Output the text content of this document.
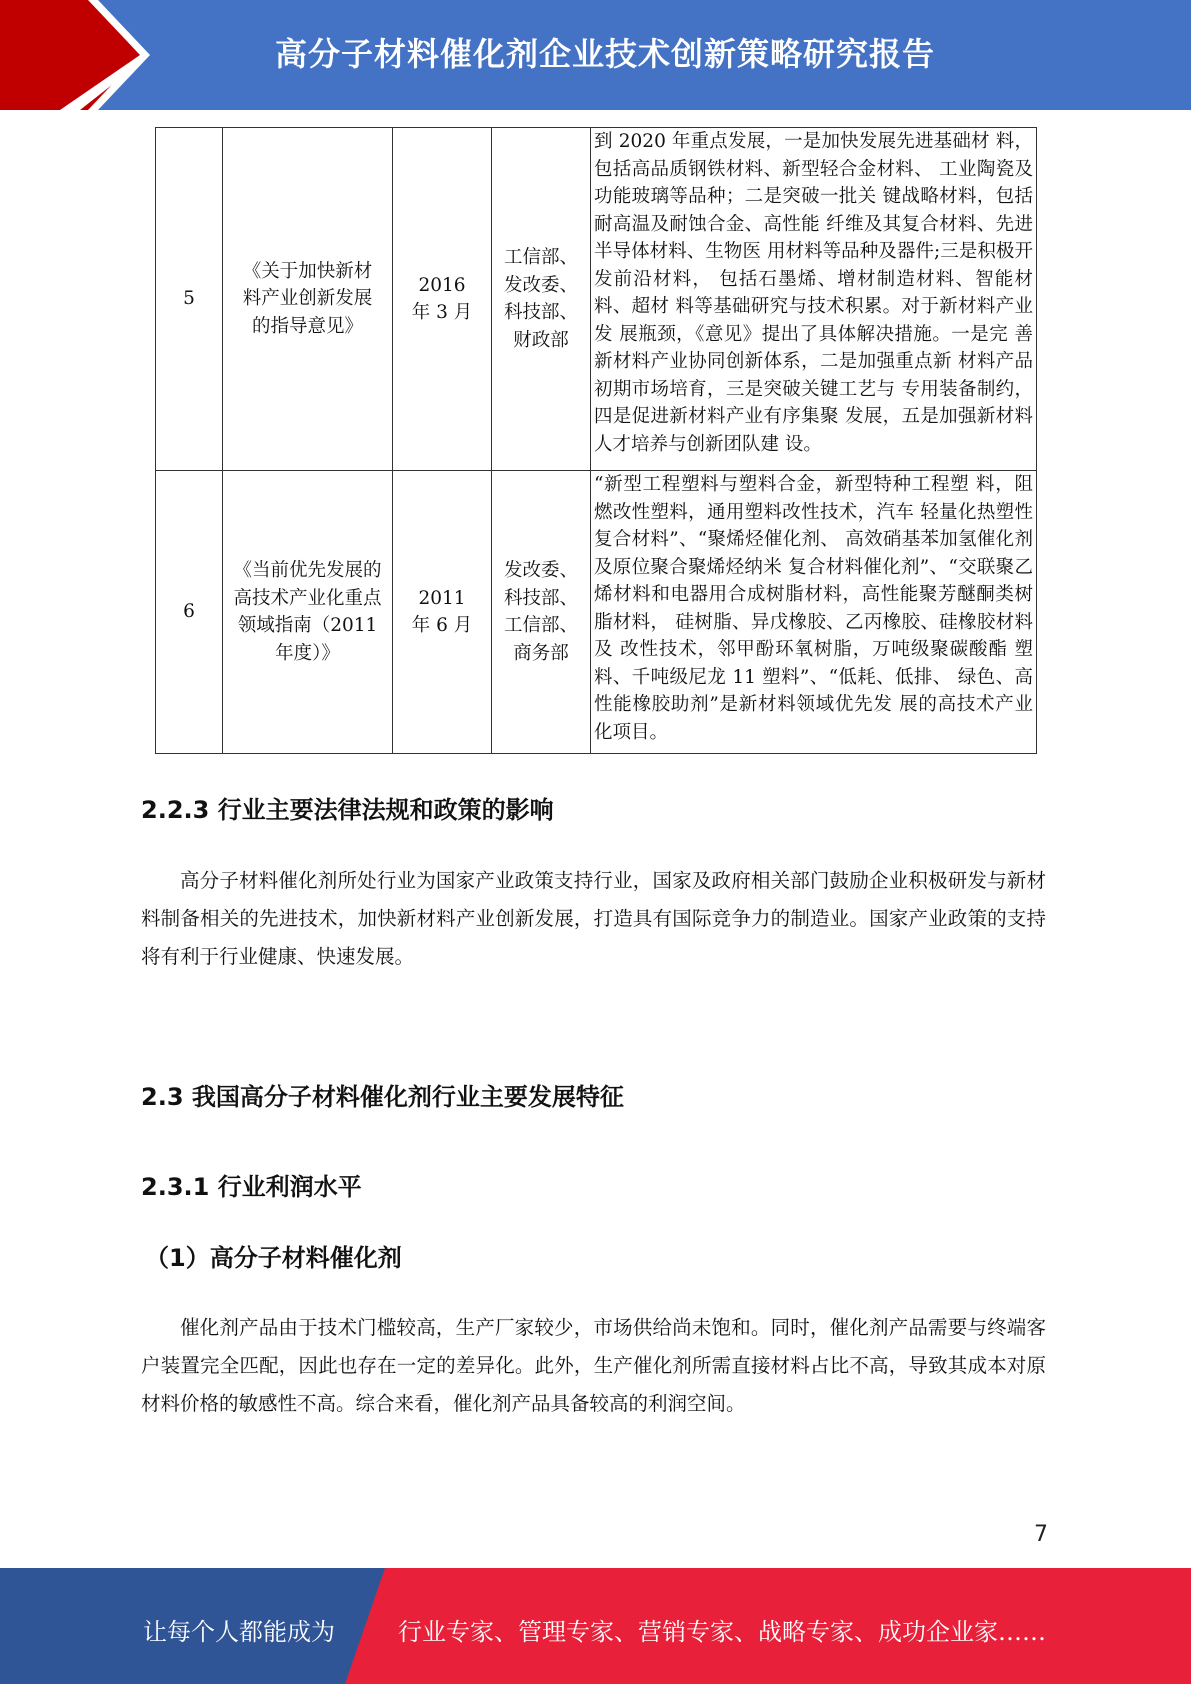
高分子材料催化剂企业技术创新策略研究报告
5	《关于加快新材料产业创新发展的指导意见》	2016 年 3 月	工信部、发改委、科技部、财政部	到 2020 年重点发展，一是加快发展先进基础材 料，包括高品质钢铁材料、新型轻合金材料、 工业陶瓷及功能玻璃等品种；二是突破一批关 键战略材料，包括耐高温及耐蚀合金、高性能 纤维及其复合材料、先进半导体材料、生物医 用材料等品种及器件;三是积极开发前沿材料， 包括石墨烯、增材制造材料、智能材料、超材 料等基础研究与技术积累。对于新材料产业发 展瓶颈，《意见》提出了具体解决措施。一是完 善新材料产业协同创新体系，二是加强重点新 材料产品初期市场培育，三是突破关键工艺与 专用装备制约，四是促进新材料产业有序集聚 发展，五是加强新材料人才培养与创新团队建 设。

6	《当前优先发展的高技术产业化重点领域指南（2011 年度）》	2011 年 6 月	发改委、科技部、工信部、商务部	“新型工程塑料与塑料合金，新型特种工程塑 料，阻燃改性塑料，通用塑料改性技术，汽车 轻量化热塑性复合材料”、“聚烯烃催化剂、 高效硝基苯加氢催化剂及原位聚合聚烯烃纳米 复合材料催化剂”、“交联聚乙烯材料和电器用合成树脂材料，高性能聚芳醚酮类树脂材料， 硅树脂、异戊橡胶、乙丙橡胶、硅橡胶材料及 改性技术，邻甲酚环氧树脂，万吨级聚碳酸酯 塑料、千吨级尼龙 11 塑料”、“低耗、低排、 绿色、高性能橡胶助剂”是新材料领域优先发 展的高技术产业化项目。
2.2.3 行业主要法律法规和政策的影响

高分子材料催化剂所处行业为国家产业政策支持行业，国家及政府相关部门鼓励企业积极研发与新材料制备相关的先进技术，加快新材料产业创新发展，打造具有国际竞争力的制造业。国家产业政策的支持将有利于行业健康、快速发展。

2.3 我国高分子材料催化剂行业主要发展特征
2.3.1 行业利润水平
（1）高分子材料催化剂

催化剂产品由于技术门槛较高，生产厂家较少，市场供给尚未饱和。同时，催化剂产品需要与终端客户装置完全匹配，因此也存在一定的差异化。此外，生产催化剂所需直接材料占比不高，导致其成本对原材料价格的敏感性不高。综合来看，催化剂产品具备较高的利润空间。

7
让每个人都能成为	行业专家、管理专家、营销专家、战略专家、成功企业家……
